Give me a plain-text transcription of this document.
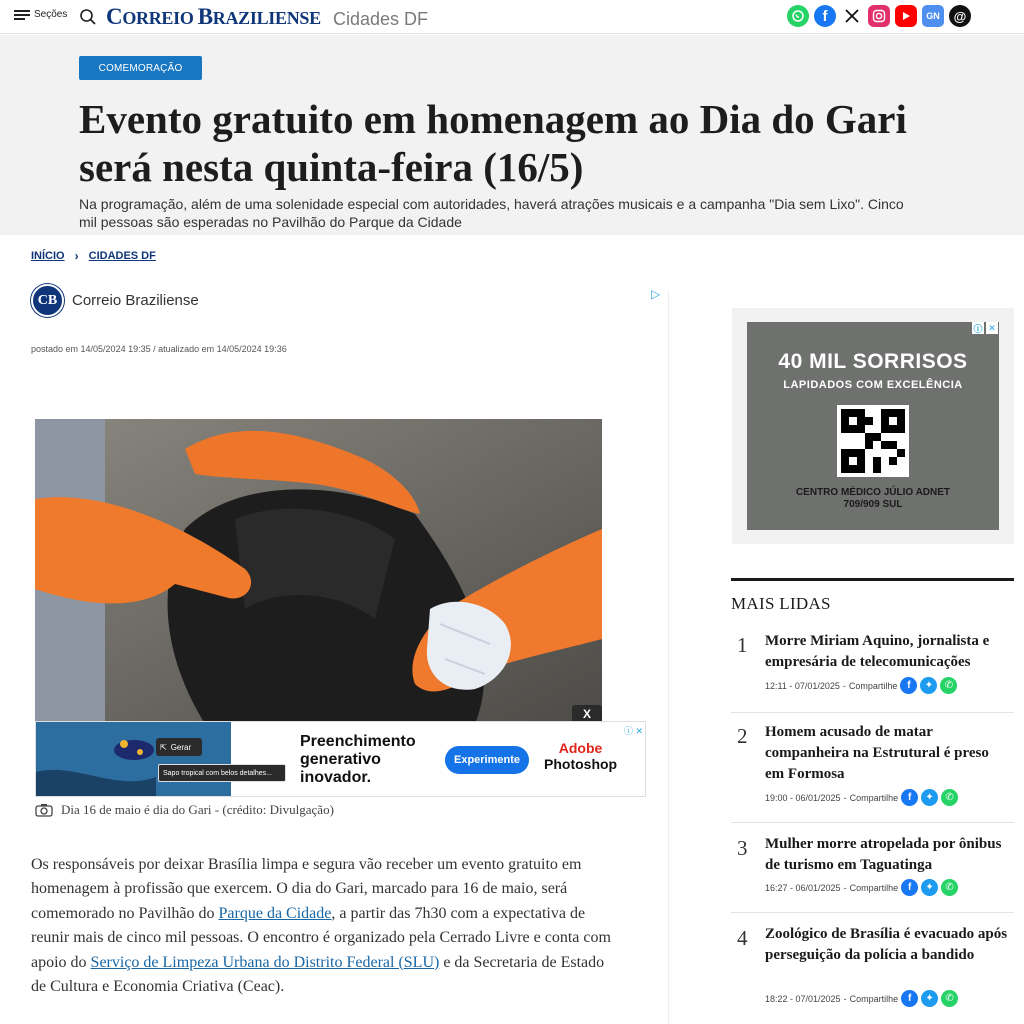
Seções CORREIO BRAZILIENSE Cidades DF	f	GN	@
COMEMORAÇÃO
Evento gratuito em homenagem ao Dia do Gari será nesta quinta-feira (16/5)

Na programação, além de uma solenidade especial com autoridades, haverá atrações musicais e a campanha "Dia sem Lixo". Cinco mil pessoas são esperadas no Pavilhão do Parque da Cidade

INÍCIO › CIDADES DF
CB Correio Braziliense	▷
postado em 14/05/2024 19:35 / atualizado em 14/05/2024 19:36
X
⇱ Gerar
Sapo tropical com belos detalhes...
Preenchimento generativo inovador.
Experimente
Adobe
Photoshop
ⓘ ✕
Dia 16 de maio é dia do Gari - (crédito: Divulgação)

Os responsáveis por deixar Brasília limpa e segura vão receber um evento gratuito em homenagem à profissão que exercem. O dia do Gari, marcado para 16 de maio, será comemorado no Pavilhão do Parque da Cidade, a partir das 7h30 com a expectativa de reunir mais de cinco mil pessoas. O encontro é organizado pela Cerrado Livre e conta com apoio do Serviço de Limpeza Urbana do Distrito Federal (SLU) e da Secretaria de Estado de Cultura e Economia Criativa (Ceac).

40 MIL SORRISOS
LAPIDADOS COM EXCELÊNCIA
CENTRO MÉDICO JÚLIO ADNET
709/909 SUL
ⓘ ✕
MAIS LIDAS
1 Morre Miriam Aquino, jornalista e empresária de telecomunicações
12:11 - 07/01/2025 - Compartilhe f	✦	✆
2 Homem acusado de matar companheira na Estrutural é preso em Formosa
19:00 - 06/01/2025 - Compartilhe f	✦	✆
3 Mulher morre atropelada por ônibus de turismo em Taguatinga
16:27 - 06/01/2025 - Compartilhe f	✦	✆
4 Zoológico de Brasília é evacuado após perseguição da polícia a bandido
18:22 - 07/01/2025 - Compartilhe f	✦	✆
